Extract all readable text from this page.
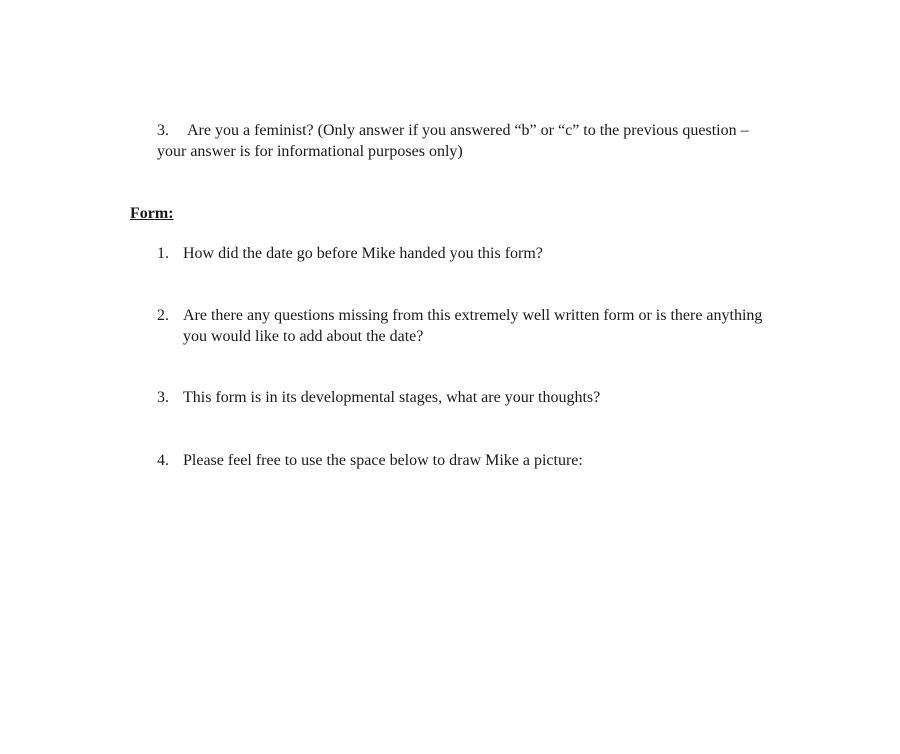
3. Are you a feminist? (Only answer if you answered “b” or “c” to the previous question – your answer is for informational purposes only)
Form:
1. How did the date go before Mike handed you this form?
2. Are there any questions missing from this extremely well written form or is there anything you would like to add about the date?
3. This form is in its developmental stages, what are your thoughts?
4. Please feel free to use the space below to draw Mike a picture:
